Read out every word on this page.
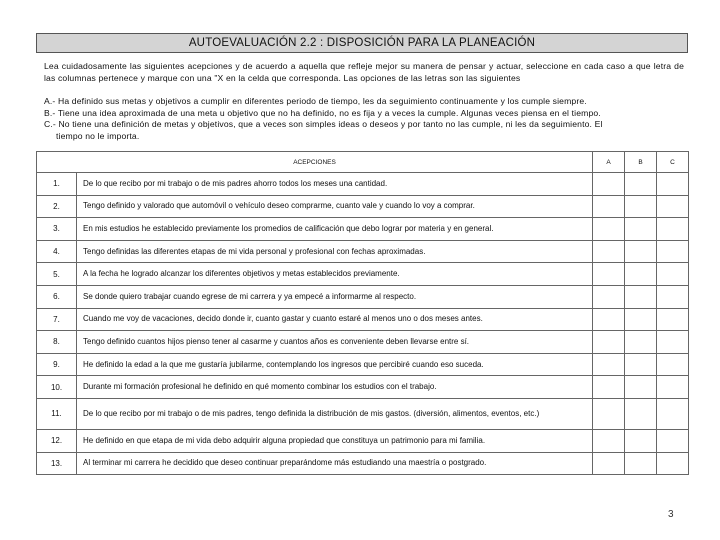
AUTOEVALUACIÓN 2.2 : DISPOSICIÓN PARA LA PLANEACIÓN
Lea cuidadosamente las siguientes acepciones y de acuerdo a aquella que refleje mejor su manera de pensar y actuar, seleccione en cada caso a que letra de las columnas pertenece y marque con una "X en la celda que corresponda. Las opciones de las letras son las siguientes

A.- Ha definido sus metas y objetivos a cumplir en diferentes periodo de tiempo, les da seguimiento continuamente y los cumple siempre.

B.- Tiene una idea aproximada de una meta u objetivo que no ha definido, no es fija y a veces la cumple. Algunas veces piensa en el tiempo.

C.- No tiene una definición de metas y objetivos, que a veces son simples ideas o deseos y por tanto no las cumple, ni les da seguimiento. El

tiempo no le importa.

ACEPCIONES		A	B	C
1.	De lo que recibo por mi trabajo o de mis padres ahorro todos los meses una cantidad.			
2.	Tengo definido y valorado que automóvil o vehículo deseo comprarme, cuanto vale y cuando lo voy a comprar.			
3.	En mis estudios he establecido previamente los promedios de calificación que debo lograr por materia y en general.			
4.	Tengo definidas las diferentes etapas de mi vida personal y profesional con fechas aproximadas.			
5.	A la fecha he logrado alcanzar los diferentes objetivos y metas establecidos previamente.			
6.	Se donde quiero trabajar cuando egrese de mi carrera y ya empecé a informarme al respecto.			
7.	Cuando me voy de vacaciones, decido donde ir, cuanto gastar y cuanto estaré al menos uno o dos meses antes.			
8.	Tengo definido cuantos hijos pienso tener al casarme y cuantos años es conveniente deben llevarse entre sí.			
9.	He definido la edad a la que me gustaría jubilarme, contemplando los ingresos que percibiré cuando eso suceda.			
10.	Durante mi formación profesional he definido en qué momento combinar los estudios con el trabajo.			
11.	De lo que recibo por mi trabajo o de mis padres, tengo definida la distribución de mis gastos. (diversión, alimentos, eventos, etc.)			
12.	He definido en que etapa de mi vida debo adquirir alguna propiedad que constituya un patrimonio para mi familia.			
13.	Al terminar mi carrera he decidido que deseo continuar preparándome más estudiando una maestría o postgrado.			
3
